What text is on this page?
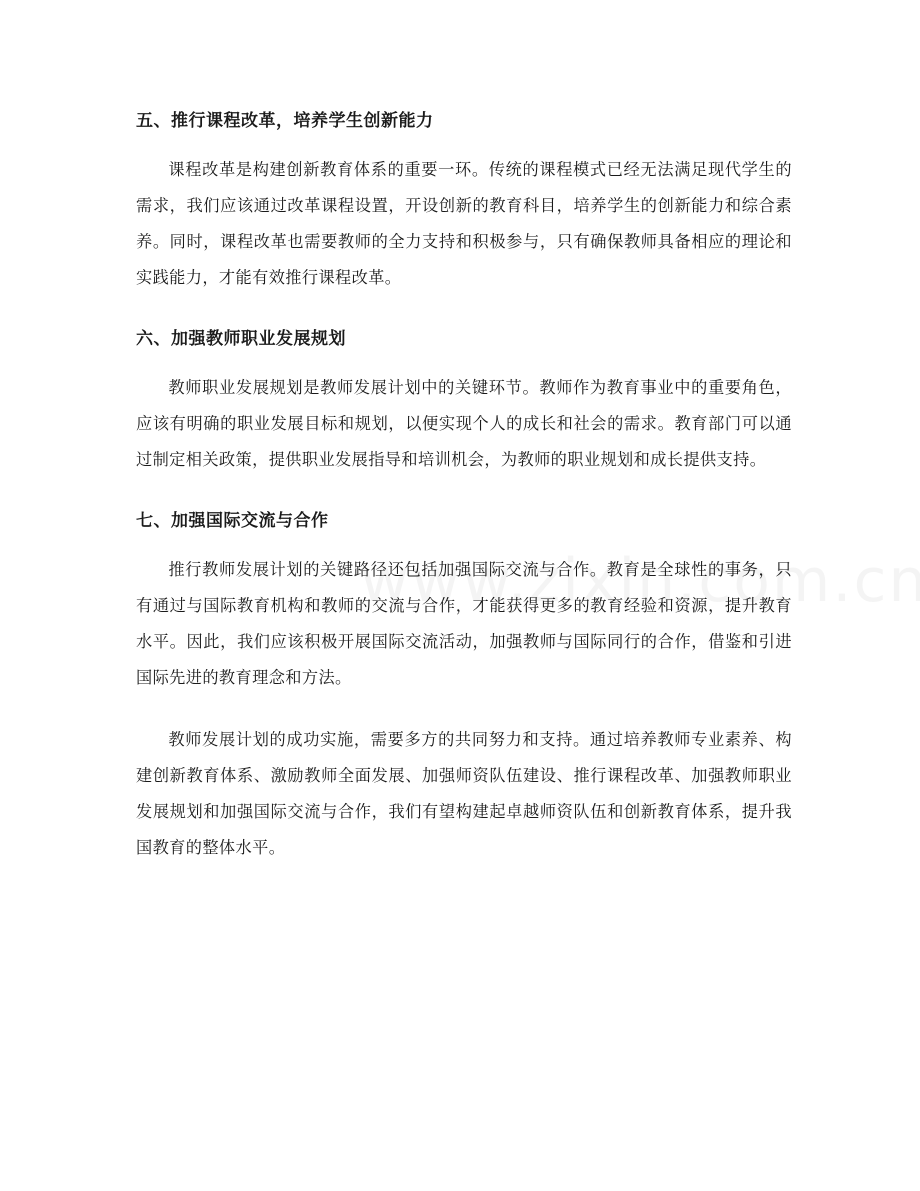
五、推行课程改革，培养学生创新能力

课程改革是构建创新教育体系的重要一环。传统的课程模式已经无法满足现代学生的需求，我们应该通过改革课程设置，开设创新的教育科目，培养学生的创新能力和综合素养。同时，课程改革也需要教师的全力支持和积极参与，只有确保教师具备相应的理论和实践能力，才能有效推行课程改革。

六、加强教师职业发展规划

教师职业发展规划是教师发展计划中的关键环节。教师作为教育事业中的重要角色，应该有明确的职业发展目标和规划，以便实现个人的成长和社会的需求。教育部门可以通过制定相关政策，提供职业发展指导和培训机会，为教师的职业规划和成长提供支持。

七、加强国际交流与合作

推行教师发展计划的关键路径还包括加强国际交流与合作。教育是全球性的事务，只有通过与国际教育机构和教师的交流与合作，才能获得更多的教育经验和资源，提升教育水平。因此，我们应该积极开展国际交流活动，加强教师与国际同行的合作，借鉴和引进国际先进的教育理念和方法。

教师发展计划的成功实施，需要多方的共同努力和支持。通过培养教师专业素养、构建创新教育体系、激励教师全面发展、加强师资队伍建设、推行课程改革、加强教师职业发展规划和加强国际交流与合作，我们有望构建起卓越师资队伍和创新教育体系，提升我国教育的整体水平。
